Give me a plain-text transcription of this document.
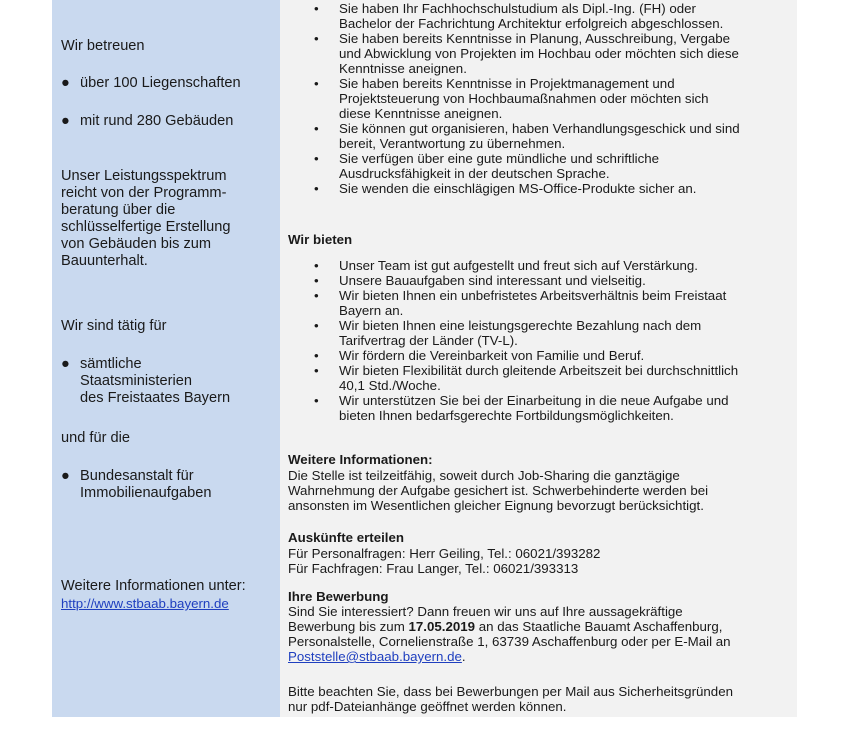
Wir betreuen

● über 100 Liegenschaften
● mit rund 280 Gebäuden
Unser Leistungsspektrum
reicht von der Programm-
beratung über die
schlüsselfertige Erstellung
von Gebäuden bis zum
Bauunterhalt.

Wir sind tätig für

● sämtliche
Staatsministerien
des Freistaates Bayern

und für die

● Bundesanstalt für
Immobilienaufgaben
Weitere Informationen unter:
http://www.stbaab.bayern.de
• Sie haben Ihr Fachhochschulstudium als Dipl.-Ing. (FH) oder
Bachelor der Fachrichtung Architektur erfolgreich abgeschlossen.
• Sie haben bereits Kenntnisse in Planung, Ausschreibung, Vergabe
und Abwicklung von Projekten im Hochbau oder möchten sich diese
Kenntnisse aneignen.
• Sie haben bereits Kenntnisse in Projektmanagement und
Projektsteuerung von Hochbaumaßnahmen oder möchten sich
diese Kenntnisse aneignen.
• Sie können gut organisieren, haben Verhandlungsgeschick und sind
bereit, Verantwortung zu übernehmen.
• Sie verfügen über eine gute mündliche und schriftliche
Ausdrucksfähigkeit in der deutschen Sprache.
• Sie wenden die einschlägigen MS-Office-Produkte sicher an.

Wir bieten

• Unser Team ist gut aufgestellt und freut sich auf Verstärkung.
• Unsere Bauaufgaben sind interessant und vielseitig.
• Wir bieten Ihnen ein unbefristetes Arbeitsverhältnis beim Freistaat
Bayern an.
• Wir bieten Ihnen eine leistungsgerechte Bezahlung nach dem
Tarifvertrag der Länder (TV-L).
• Wir fördern die Vereinbarkeit von Familie und Beruf.
• Wir bieten Flexibilität durch gleitende Arbeitszeit bei durchschnittlich
40,1 Std./Woche.
• Wir unterstützen Sie bei der Einarbeitung in die neue Aufgabe und
bieten Ihnen bedarfsgerechte Fortbildungsmöglichkeiten.

Weitere Informationen:

Die Stelle ist teilzeitfähig, soweit durch Job-Sharing die ganztägige
Wahrnehmung der Aufgabe gesichert ist. Schwerbehinderte werden bei
ansonsten im Wesentlichen gleicher Eignung bevorzugt berücksichtigt.

Auskünfte erteilen

Für Personalfragen: Herr Geiling, Tel.: 06021/393282
Für Fachfragen: Frau Langer, Tel.: 06021/393313

Ihre Bewerbung

Sind Sie interessiert? Dann freuen wir uns auf Ihre aussagekräftige
Bewerbung bis zum 17.05.2019 an das Staatliche Bauamt Aschaffenburg,
Personalstelle, Cornelienstraße 1, 63739 Aschaffenburg oder per E-Mail an
Poststelle@stbaab.bayern.de.
Bitte beachten Sie, dass bei Bewerbungen per Mail aus Sicherheitsgründen
nur pdf-Dateianhänge geöffnet werden können.
